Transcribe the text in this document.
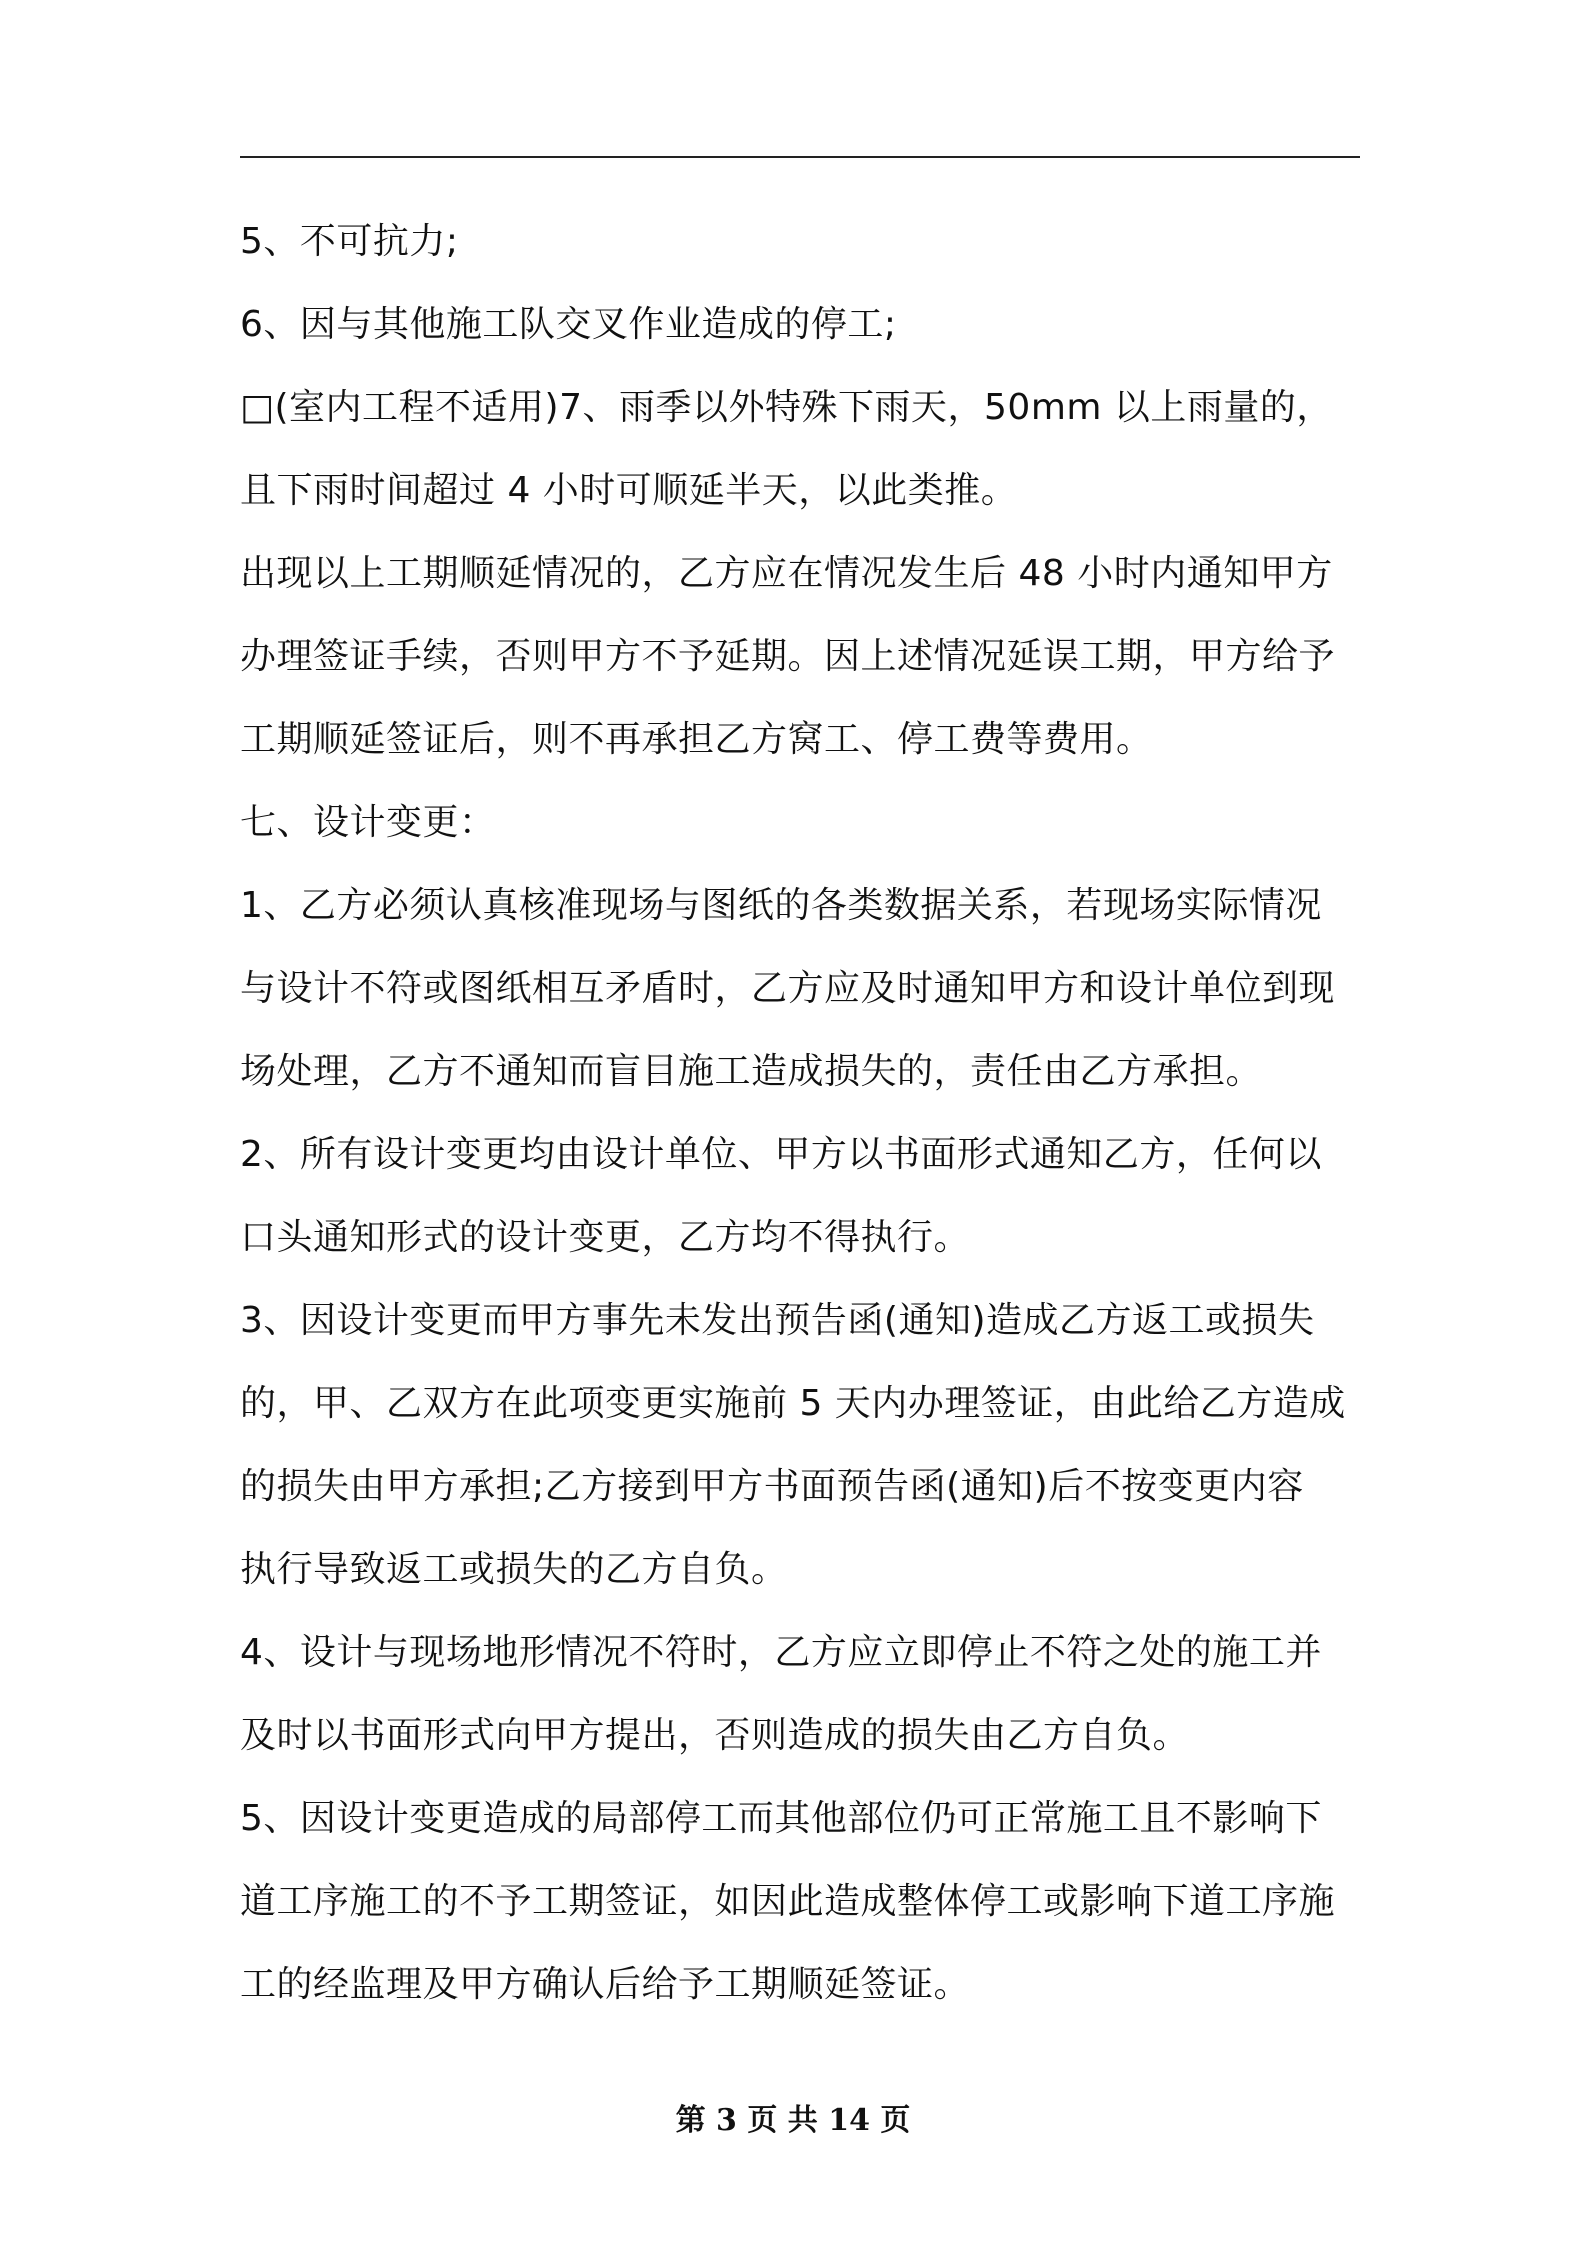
5、不可抗力;

6、因与其他施工队交叉作业造成的停工;

□(室内工程不适用)7、雨季以外特殊下雨天，50mm 以上雨量的，
且下雨时间超过 4 小时可顺延半天，以此类推。

出现以上工期顺延情况的，乙方应在情况发生后 48 小时内通知甲方
办理签证手续，否则甲方不予延期。因上述情况延误工期，甲方给予
工期顺延签证后，则不再承担乙方窝工、停工费等费用。

七、设计变更：

1、乙方必须认真核准现场与图纸的各类数据关系，若现场实际情况
与设计不符或图纸相互矛盾时，乙方应及时通知甲方和设计单位到现
场处理，乙方不通知而盲目施工造成损失的，责任由乙方承担。

2、所有设计变更均由设计单位、甲方以书面形式通知乙方，任何以
口头通知形式的设计变更，乙方均不得执行。

3、因设计变更而甲方事先未发出预告函(通知)造成乙方返工或损失
的，甲、乙双方在此项变更实施前 5 天内办理签证，由此给乙方造成
的损失由甲方承担;乙方接到甲方书面预告函(通知)后不按变更内容
执行导致返工或损失的乙方自负。

4、设计与现场地形情况不符时，乙方应立即停止不符之处的施工并
及时以书面形式向甲方提出，否则造成的损失由乙方自负。

5、因设计变更造成的局部停工而其他部位仍可正常施工且不影响下
道工序施工的不予工期签证，如因此造成整体停工或影响下道工序施
工的经监理及甲方确认后给予工期顺延签证。

第 3 页 共 14 页
